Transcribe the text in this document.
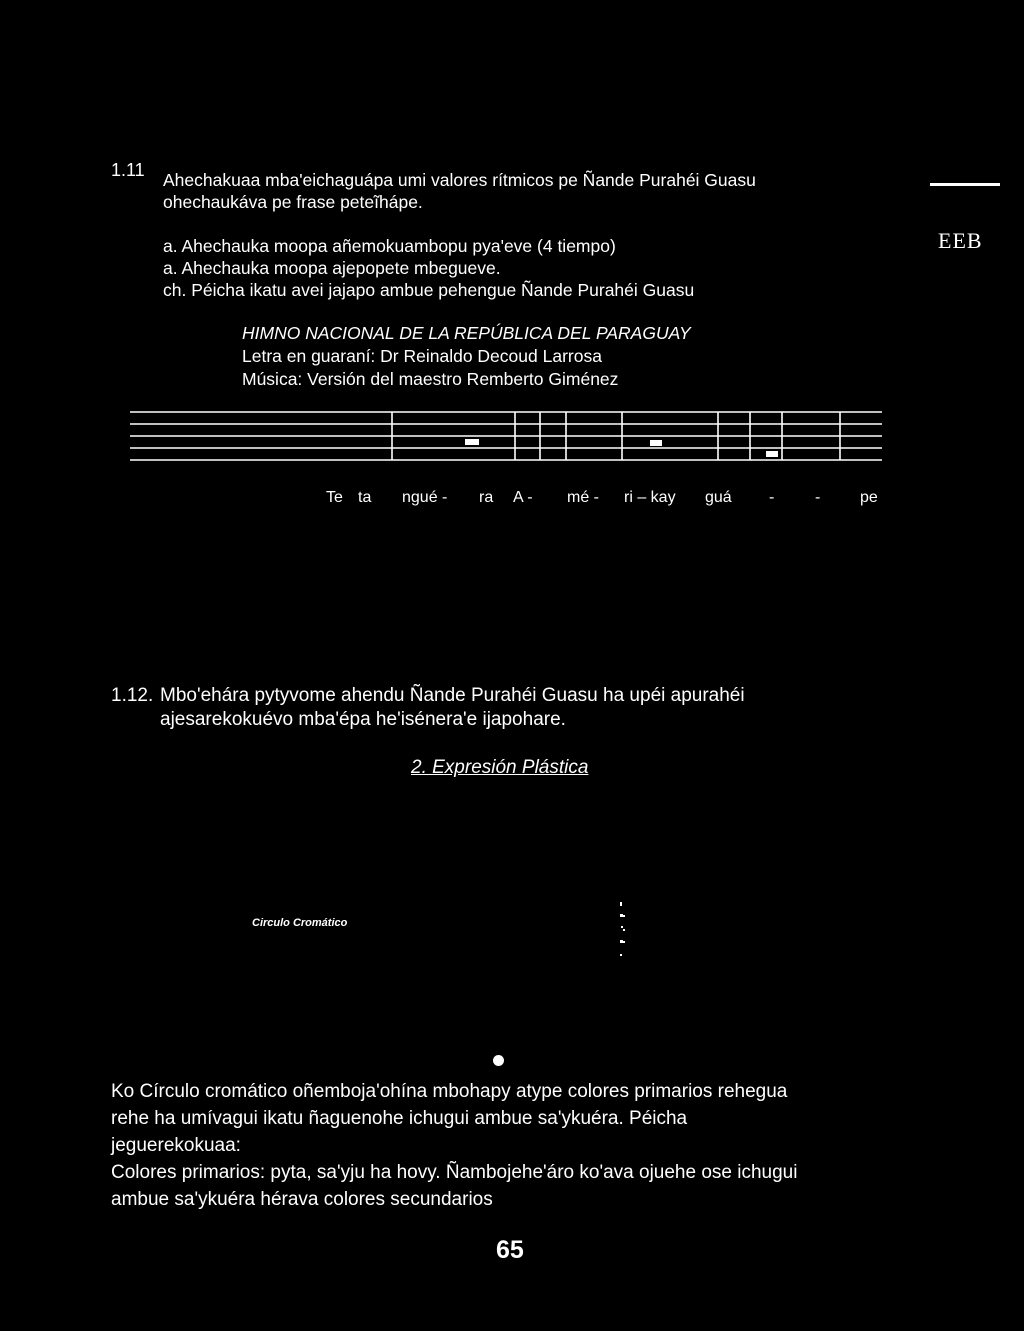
1.11 Ahechakuaa mba'eichaguápa umi valores rítmicos pe Ñande Purahéi Guasu
ohechaukáva pe frase peteĩhápe.
EEB
a. Ahechauka moopa añemokuambopu pya'eve (4 tiempo)
a. Ahechauka moopa ajepopete mbegueve.
ch. Péicha ikatu avei jajapo ambue pehengue Ñande Purahéi Guasu
HIMNO NACIONAL DE LA REPÚBLICA DEL PARAGUAY
Letra en guaraní: Dr Reinaldo Decoud Larrosa
Música: Versión del maestro Remberto Giménez
Te ta ngué - ra A - mé - ri – kay guá -	- pe
1.12. Mbo'ehára pytyvome ahendu Ñande Purahéi Guasu ha upéi apurahéi
ajesarekokuévo mba'épa he'isénera'e ijapohare.
2. Expresión Plástica
Circulo Cromático
Ko Círculo cromático oñemboja'ohína mbohapy atype colores primarios rehegua
rehe ha umívagui ikatu ñaguenohe ichugui ambue sa'ykuéra. Péicha
jeguerekokuaa:
Colores primarios: pyta, sa'yju ha hovy. Ñambojehe'áro ko'ava ojuehe ose ichugui
ambue sa'ykuéra hérava colores secundarios
65
